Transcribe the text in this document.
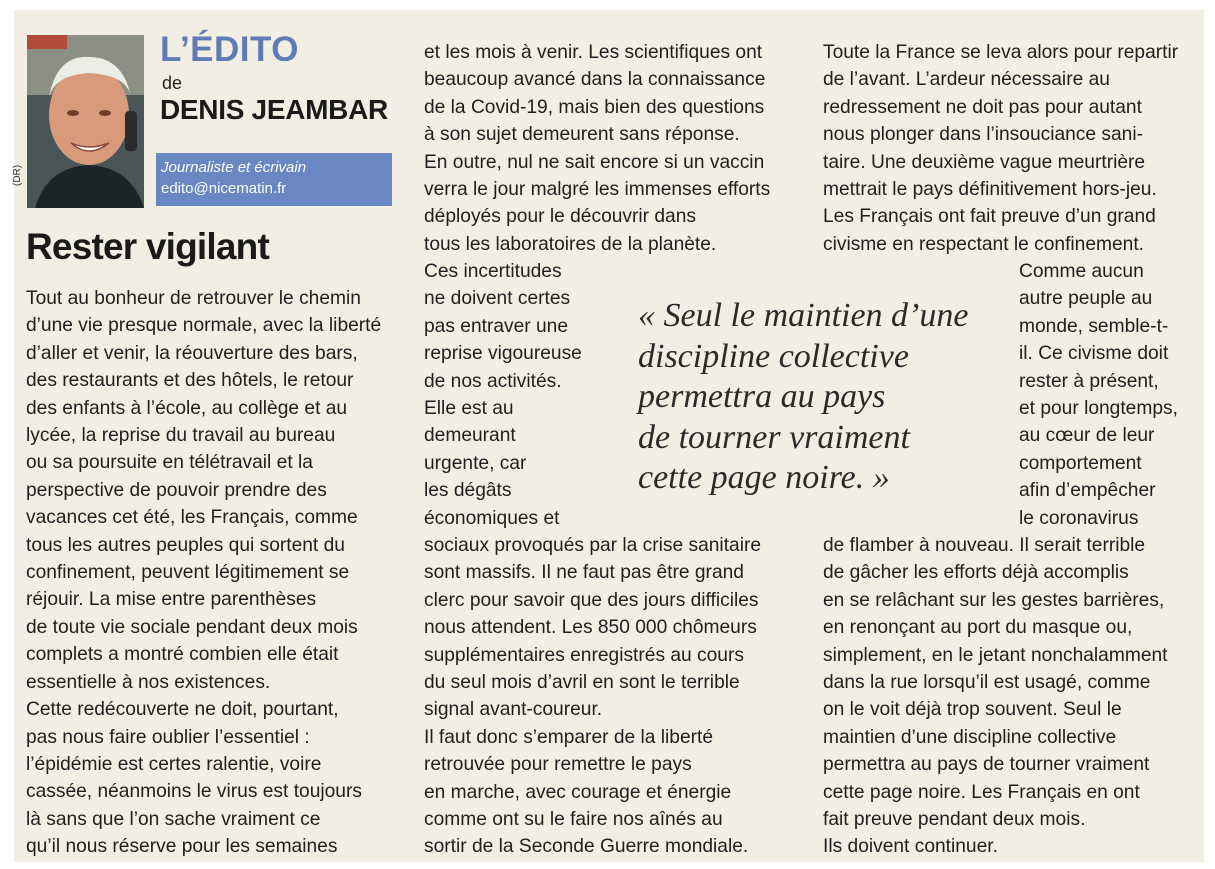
(DR)
L’ÉDITO
de
DENIS JEAMBAR
Journaliste et écrivain
edito@nicematin.fr
Rester vigilant

Tout au bonheur de retrouver le chemin
d’une vie presque normale, avec la liberté
d’aller et venir, la réouverture des bars,
des restaurants et des hôtels, le retour
des enfants à l’école, au collège et au
lycée, la reprise du travail au bureau
ou sa poursuite en télétravail et la
perspective de pouvoir prendre des
vacances cet été, les Français, comme
tous les autres peuples qui sortent du
confinement, peuvent légitimement se
réjouir. La mise entre parenthèses
de toute vie sociale pendant deux mois
complets a montré combien elle était
essentielle à nos existences.
Cette redécouverte ne doit, pourtant,
pas nous faire oublier l’essentiel :
l’épidémie est certes ralentie, voire
cassée, néanmoins le virus est toujours
là sans que l’on sache vraiment ce
qu’il nous réserve pour les semaines

et les mois à venir. Les scientifiques ont
beaucoup avancé dans la connaissance
de la Covid-19, mais bien des questions
à son sujet demeurent sans réponse.
En outre, nul ne sait encore si un vaccin
verra le jour malgré les immenses efforts
déployés pour le découvrir dans
tous les laboratoires de la planète.

Ces incertitudes
ne doivent certes
pas entraver une
reprise vigoureuse
de nos activités.
Elle est au
demeurant
urgente, car
les dégâts
économiques et

sociaux provoqués par la crise sanitaire
sont massifs. Il ne faut pas être grand
clerc pour savoir que des jours difficiles
nous attendent. Les 850 000 chômeurs
supplémentaires enregistrés au cours
du seul mois d’avril en sont le terrible
signal avant-coureur.
Il faut donc s’emparer de la liberté
retrouvée pour remettre le pays
en marche, avec courage et énergie
comme ont su le faire nos aînés au
sortir de la Seconde Guerre mondiale.

Toute la France se leva alors pour repartir
de l’avant. L’ardeur nécessaire au
redressement ne doit pas pour autant
nous plonger dans l’insouciance sani-
taire. Une deuxième vague meurtrière
mettrait le pays définitivement hors-jeu.
Les Français ont fait preuve d’un grand
civisme en respectant le confinement.

Comme aucun
autre peuple au
monde, semble-t-
il. Ce civisme doit
rester à présent,
et pour longtemps,
au cœur de leur
comportement
afin d’empêcher
le coronavirus

de flamber à nouveau. Il serait terrible
de gâcher les efforts déjà accomplis
en se relâchant sur les gestes barrières,
en renonçant au port du masque ou,
simplement, en le jetant nonchalamment
dans la rue lorsqu’il est usagé, comme
on le voit déjà trop souvent. Seul le
maintien d’une discipline collective
permettra au pays de tourner vraiment
cette page noire. Les Français en ont
fait preuve pendant deux mois.
Ils doivent continuer.

« Seul le maintien d’une
discipline collective
permettra au pays
de tourner vraiment
cette page noire. »
